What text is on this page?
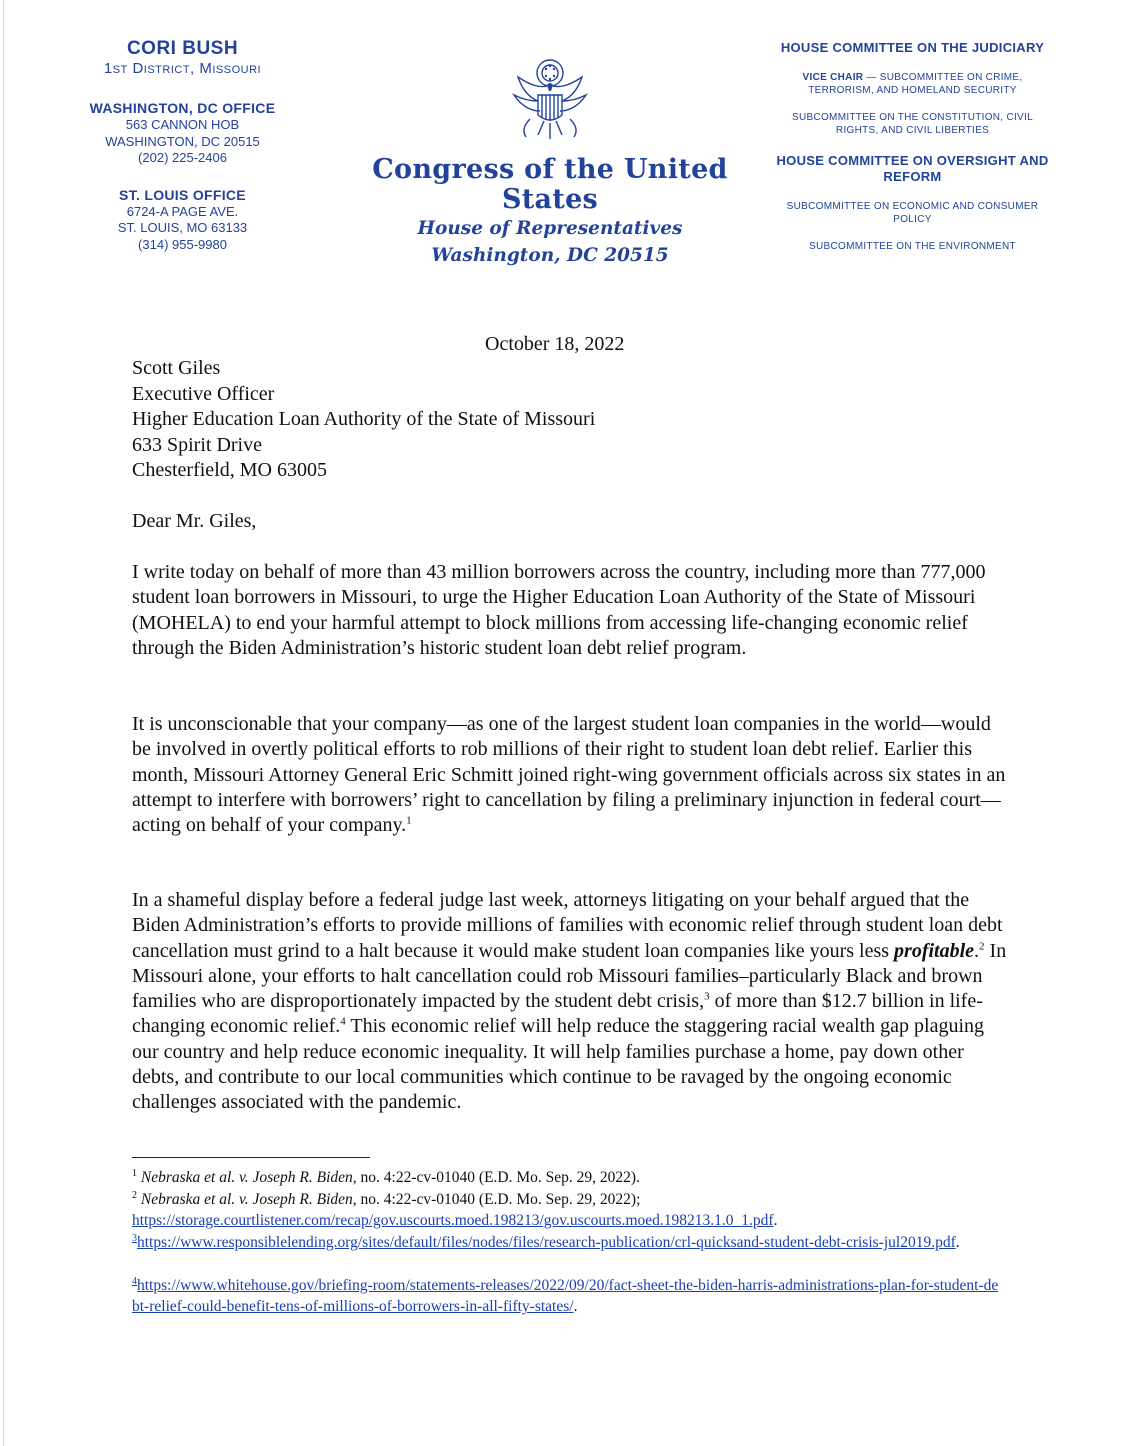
CORI BUSH
1st District, Missouri
WASHINGTON, DC OFFICE
563 CANNON HOB
WASHINGTON, DC 20515
(202) 225-2406
ST. LOUIS OFFICE
6724-A PAGE AVE.
ST. LOUIS, MO 63133
(314) 955-9980
Congress of the United States
House of Representatives
Washington, DC 20515
HOUSE COMMITTEE ON THE JUDICIARY
VICE CHAIR — SUBCOMMITTEE ON CRIME, TERRORISM, AND HOMELAND SECURITY
SUBCOMMITTEE ON THE CONSTITUTION, CIVIL RIGHTS, AND CIVIL LIBERTIES
HOUSE COMMITTEE ON OVERSIGHT AND REFORM
SUBCOMMITTEE ON ECONOMIC AND CONSUMER POLICY
SUBCOMMITTEE ON THE ENVIRONMENT
October 18, 2022
Scott Giles
Executive Officer
Higher Education Loan Authority of the State of Missouri
633 Spirit Drive
Chesterfield, MO 63005
Dear Mr. Giles,

I write today on behalf of more than 43 million borrowers across the country, including more than 777,000 student loan borrowers in Missouri, to urge the Higher Education Loan Authority of the State of Missouri (MOHELA) to end your harmful attempt to block millions from accessing life-changing economic relief through the Biden Administration’s historic student loan debt relief program.

It is unconscionable that your company—as one of the largest student loan companies in the world—would be involved in overtly political efforts to rob millions of their right to student loan debt relief. Earlier this month, Missouri Attorney General Eric Schmitt joined right-wing government officials across six states in an attempt to interfere with borrowers’ right to cancellation by filing a preliminary injunction in federal court—acting on behalf of your company.$^1$

In a shameful display before a federal judge last week, attorneys litigating on your behalf argued that the Biden Administration’s efforts to provide millions of families with economic relief through student loan debt cancellation must grind to a halt because it would make student loan companies like yours less profitable.$^2$ In Missouri alone, your efforts to halt cancellation could rob Missouri families–particularly Black and brown families who are disproportionately impacted by the student debt crisis,$^3$ of more than $12.7 billion in life-changing economic relief.$^4$ This economic relief will help reduce the staggering racial wealth gap plaguing our country and help reduce economic inequality. It will help families purchase a home, pay down other debts, and contribute to our local communities which continue to be ravaged by the ongoing economic challenges associated with the pandemic.

$^1$ Nebraska et al. v. Joseph R. Biden, no. 4:22-cv-01040 (E.D. Mo. Sep. 29, 2022).
$^2$ Nebraska et al. v. Joseph R. Biden, no. 4:22-cv-01040 (E.D. Mo. Sep. 29, 2022);
https://storage.courtlistener.com/recap/gov.uscourts.moed.198213/gov.uscourts.moed.198213.1.0_1.pdf.
$^3$https://www.responsiblelending.org/sites/default/files/nodes/files/research-publication/crl-quicksand-student-debt-crisis-jul2019.pdf.
$^4$https://www.whitehouse.gov/briefing-room/statements-releases/2022/09/20/fact-sheet-the-biden-harris-administrations-plan-for-student-debt-relief-could-benefit-tens-of-millions-of-borrowers-in-all-fifty-states/.
